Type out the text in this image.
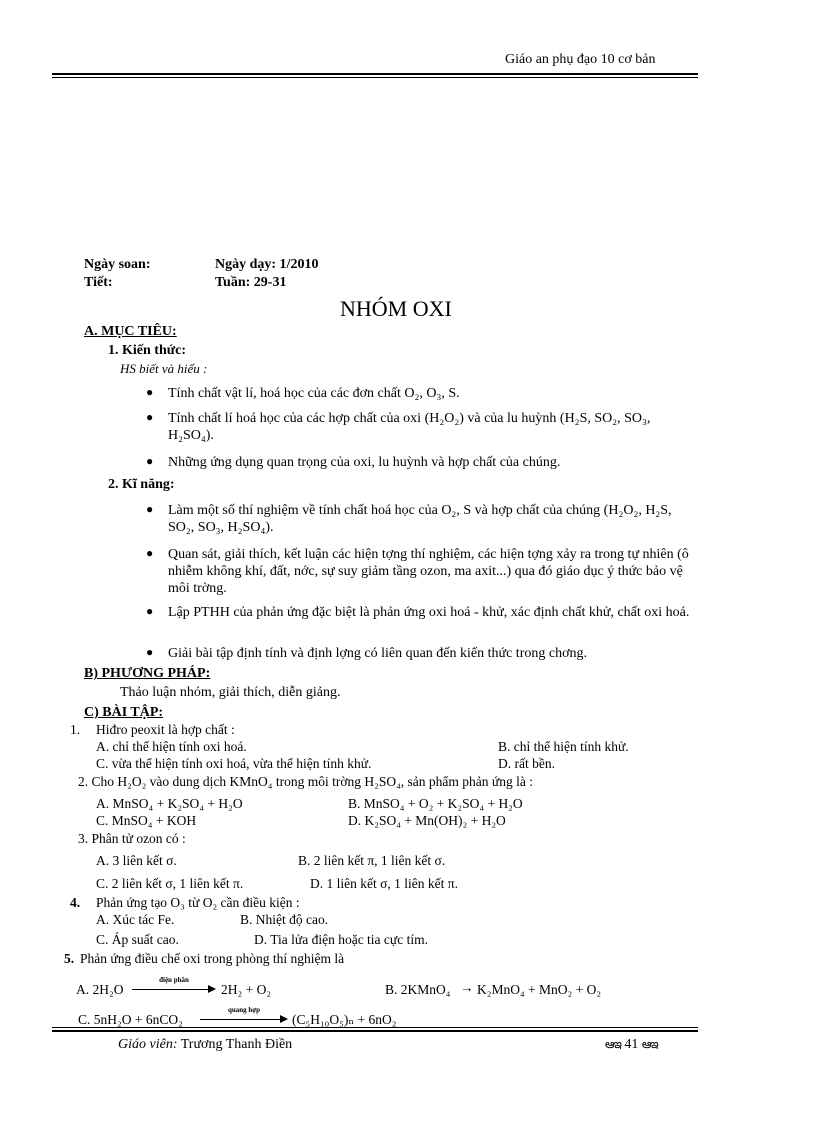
Giáo an phụ đạo 10 cơ bản
Ngày soan:	Ngày dạy: 1/2010
Tiết:	Tuần: 29-31
NHÓM OXI
A. MỤC TIÊU:
1. Kiến thức:
HS biết và hiểu :
● Tính chất vật lí, hoá học của các đơn chất O₂, O₃, S.
● Tính chất lí hoá học của các hợp chất của oxi (H₂O₂) và của lu huỳnh (H₂S, SO₂, SO₃, H₂SO₄).
● Những ứng dụng quan trọng của oxi, lu huỳnh và hợp chất của chúng.
2. Kĩ năng:
● Làm một số thí nghiệm về tính chất hoá học của O₂, S và hợp chất của chúng (H₂O₂, H₂S, SO₂, SO₃, H₂SO₄).
● Quan sát, giải thích, kết luận các hiện tợng thí nghiệm, các hiện tợng xảy ra trong tự nhiên (ô nhiễm không khí, đất, nớc, sự suy giảm tầng ozon, ma axit...) qua đó giáo dục ý thức bảo vệ môi trờng.
● Lập PTHH của phản ứng đặc biệt là phản ứng oxi hoá - khử, xác định chất khử, chất oxi hoá.
● Giải bài tập định tính và định lợng có liên quan đến kiến thức trong chơng.
B) PHƯƠNG PHÁP:
Thảo luận nhóm, giải thích, diễn giảng.
C) BÀI TẬP:
1. Hiđro peoxit là hợp chất :
A. chỉ thể hiện tính oxi hoá.	B. chỉ thể hiện tính khử.
C. vừa thể hiện tính oxi hoá, vừa thể hiện tính khử.	D. rất bền.
2. Cho H₂O₂ vào dung dịch KMnO₄ trong môi trờng H₂SO₄, sản phẩm phản ứng là :
A. MnSO₄ + K₂SO₄ + H₂O	B. MnSO₄ + O₂ + K₂SO₄ + H₂O
C. MnSO₄ + KOH	D. K₂SO₄ + Mn(OH)₂ + H₂O
3. Phân tử ozon có :
A. 3 liên kết σ.	B. 2 liên kết π, 1 liên kết σ.
C. 2 liên kết σ, 1 liên kết π.	D. 1 liên kết σ, 1 liên kết π.
4. Phản ứng tạo O₃ từ O₂ cần điều kiện :
A. Xúc tác Fe.	B. Nhiệt độ cao.
C. Áp suất cao.	D. Tia lửa điện hoặc tia cực tím.
5. Phản ứng điều chế oxi trong phòng thí nghiệm là
A. 2H₂O
điện phân
2H₂ + O₂	B. 2KMnO₄ → K₂MnO₄ + MnO₂ + O₂
C. 5nH₂O + 6nCO₂
quang hợp
(C₅H₁₀O₅)ₙ + 6nO₂
Giáo viên: Trương Thanh Điền	ఆఇ 41 ఆఇ
